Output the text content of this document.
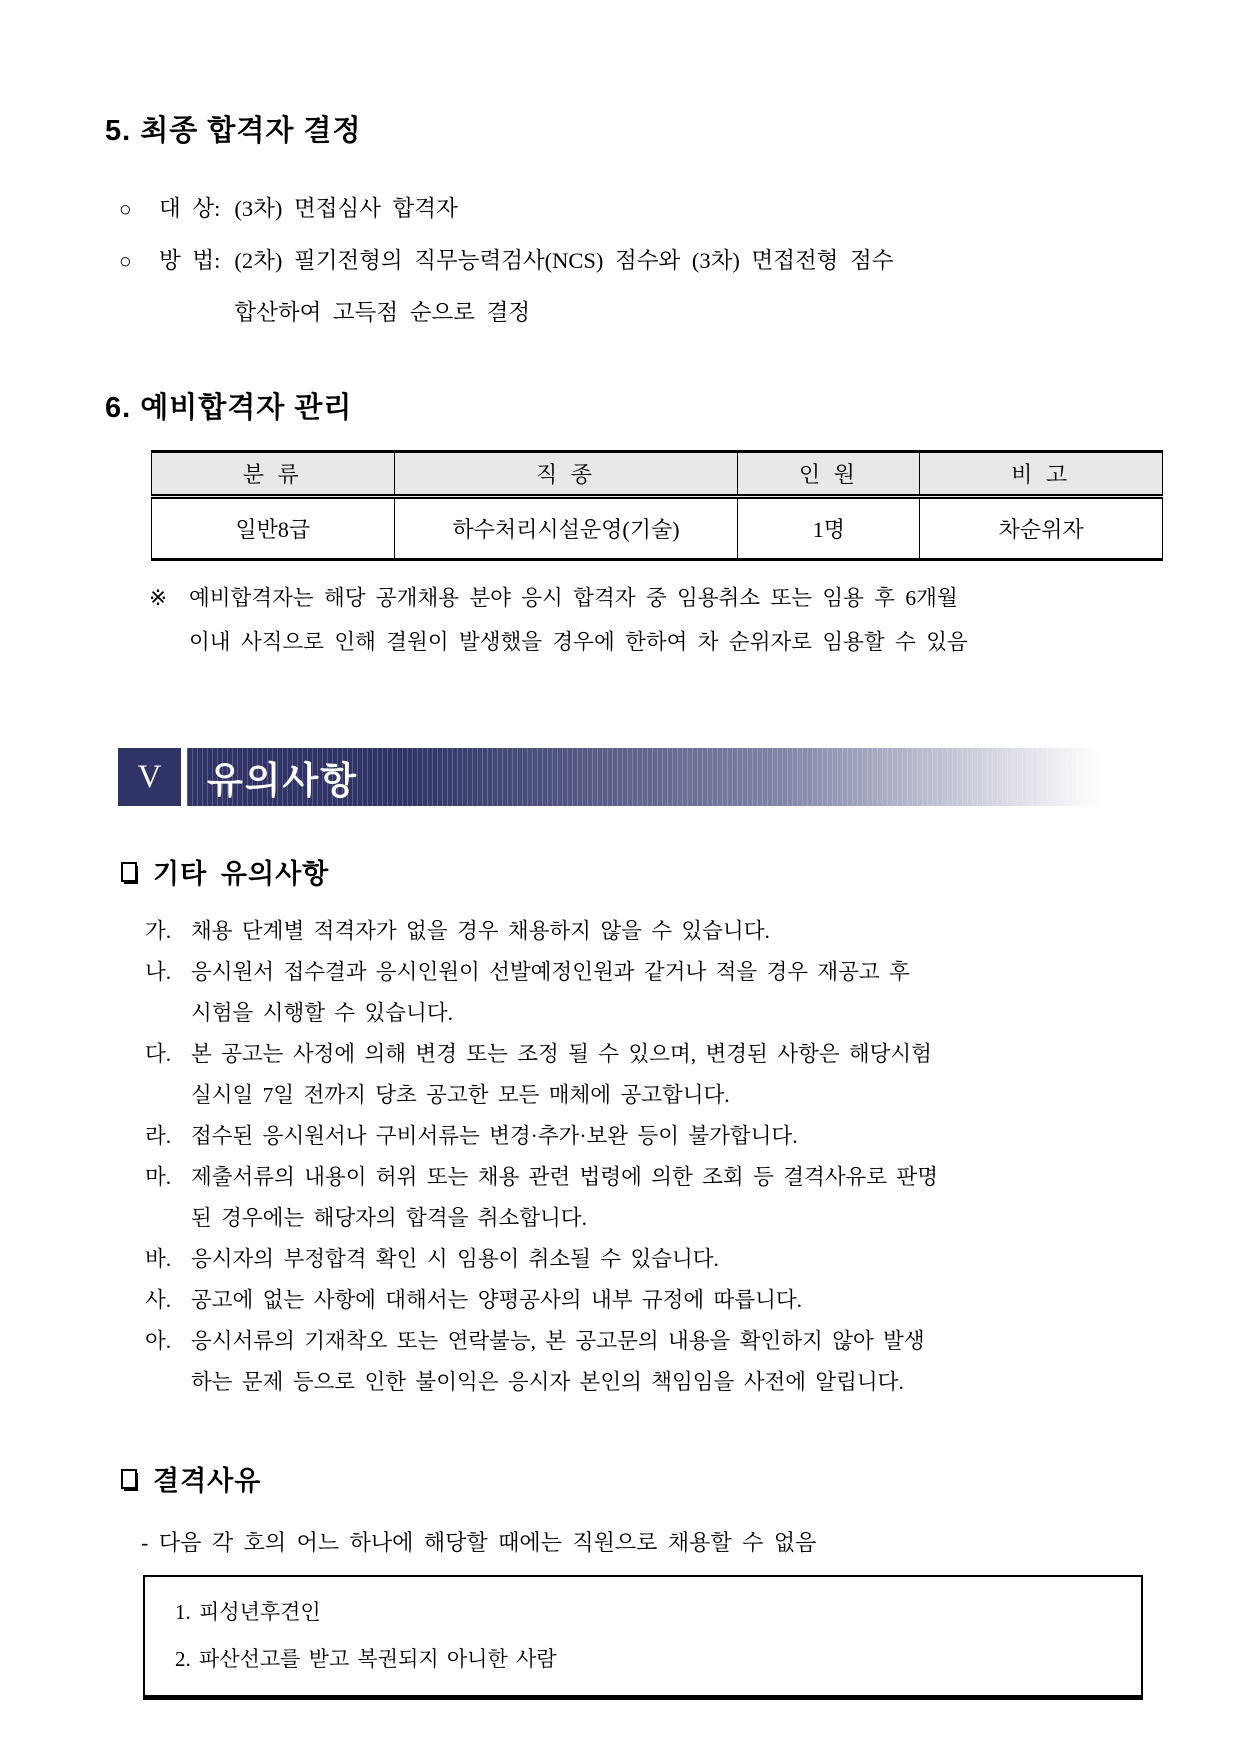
5. 최종 합격자 결정
○	대 상: (3차) 면접심사 합격자
○	방 법: (2차) 필기전형의 직무능력검사(NCS) 점수와 (3차) 면접전형 점수
합산하여 고득점 순으로 결정
6. 예비합격자 관리
분 류	직 종	인 원	비 고
일반8급	하수처리시설운영(기술)	1명	차순위자
※	예비합격자는 해당 공개채용 분야 응시 합격자 중 임용취소 또는 임용 후 6개월
이내 사직으로 인해 결원이 발생했을 경우에 한하여 차 순위자로 임용할 수 있음
V	유의사항
기타 유의사항
가. 채용 단계별 적격자가 없을 경우 채용하지 않을 수 있습니다.
나. 응시원서 접수결과 응시인원이 선발예정인원과 같거나 적을 경우 재공고 후
시험을 시행할 수 있습니다.
다. 본 공고는 사정에 의해 변경 또는 조정 될 수 있으며, 변경된 사항은 해당시험
실시일 7일 전까지 당초 공고한 모든 매체에 공고합니다.
라. 접수된 응시원서나 구비서류는 변경·추가·보완 등이 불가합니다.
마. 제출서류의 내용이 허위 또는 채용 관련 법령에 의한 조회 등 결격사유로 판명
된 경우에는 해당자의 합격을 취소합니다.
바. 응시자의 부정합격 확인 시 임용이 취소될 수 있습니다.
사. 공고에 없는 사항에 대해서는 양평공사의 내부 규정에 따릅니다.
아. 응시서류의 기재착오 또는 연락불능, 본 공고문의 내용을 확인하지 않아 발생
하는 문제 등으로 인한 불이익은 응시자 본인의 책임임을 사전에 알립니다.
결격사유
- 다음 각 호의 어느 하나에 해당할 때에는 직원으로 채용할 수 없음
1. 피성년후견인
2. 파산선고를 받고 복권되지 아니한 사람
